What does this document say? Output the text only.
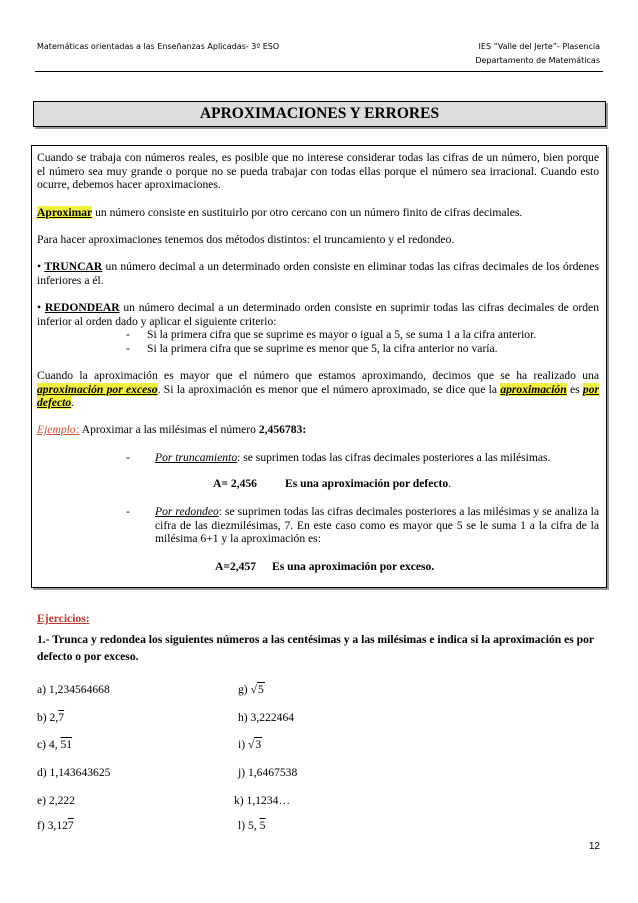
Matemáticas orientadas a las Enseñanzas Aplicadas- 3º ESO	IES “Valle del Jerte”- Plasencia
Departamento de Matemáticas
APROXIMACIONES Y ERRORES
Cuando se trabaja con números reales, es posible que no interese considerar todas las cifras de un número, bien porque el número sea muy grande o porque no se pueda trabajar con todas ellas porque el número sea irracional. Cuando esto ocurre, debemos hacer aproximaciones.
Aproximar un número consiste en sustituirlo por otro cercano con un número finito de cifras decimales.
Para hacer aproximaciones tenemos dos métodos distintos: el truncamiento y el redondeo.
• TRUNCAR un número decimal a un determinado orden consiste en eliminar todas las cifras decimales de los órdenes inferiores a él.
• REDONDEAR un número decimal a un determinado orden consiste en suprimir todas las cifras decimales de orden inferior al orden dado y aplicar el siguiente criterio:
- Si la primera cifra que se suprime es mayor o igual a 5, se suma 1 a la cifra anterior.
- Si la primera cifra que se suprime es menor que 5, la cifra anterior no varía.
Cuando la aproximación es mayor que el número que estamos aproximando, decimos que se ha realizado una aproximación por exceso. Si la aproximación es menor que el número aproximado, se dice que la aproximación es por defecto.
Ejemplo: Aproximar a las milésimas el número 2,456783:
- Por truncamiento: se suprimen todas las cifras decimales posteriores a las milésimas.
A= 2,456 Es una aproximación por defecto.
- Por redondeo: se suprimen todas las cifras decimales posteriores a las milésimas y se analiza la cifra de las diezmilésimas, 7. En este caso como es mayor que 5 se le suma 1 a la cifra de la milésima 6+1 y la aproximación es:
A=2,457 Es una aproximación por exceso.
Ejercicios:
1.- Trunca y redondea los siguientes números a las centésimas y a las milésimas e indica si la aproximación es por defecto o por exceso.
a) 1,234564668	g) √5
b) 2,7	h) 3,222464
c) 4, 51	i) √3
d) 1,143643625	j) 1,6467538
e) 2,222	k) 1,1234…
f) 3,127	l) 5, 5
12
